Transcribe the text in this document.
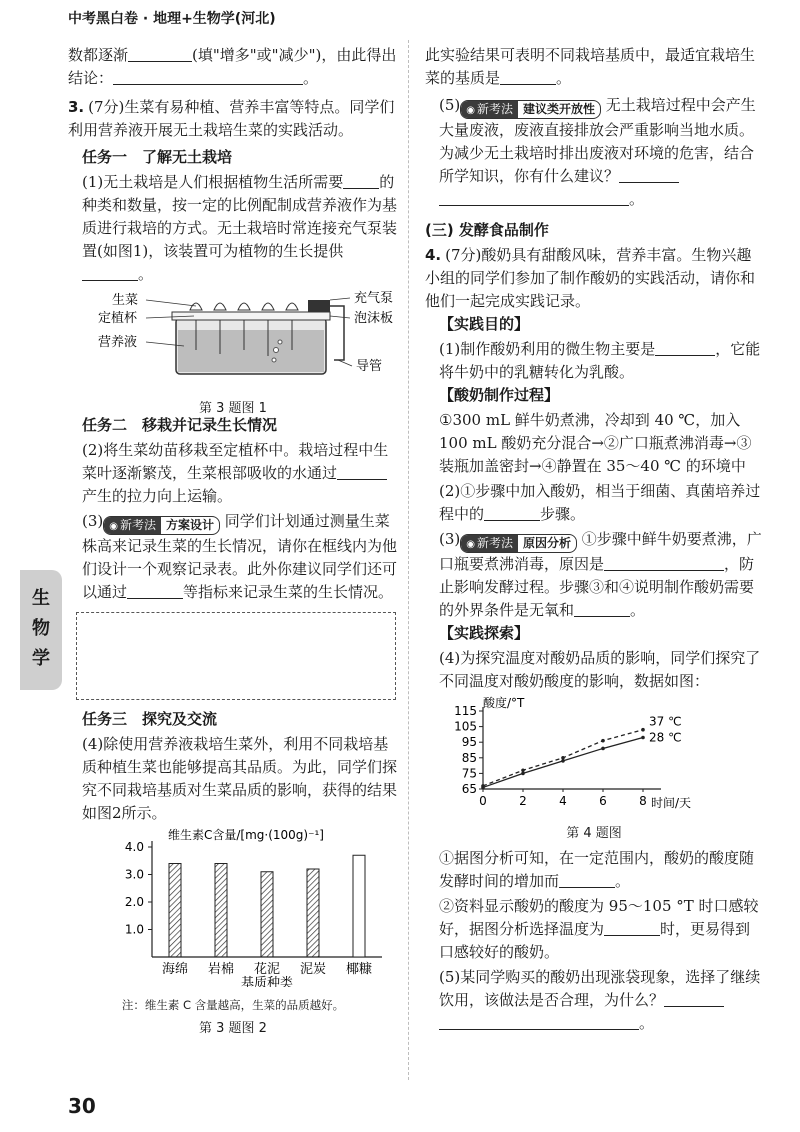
中考黑白卷 · 地理+生物学(河北)
生
物
学
数都逐渐	(填"增多"或"减少")，由此得出结论：	。
3. (7分)生菜有易种植、营养丰富等特点。同学们利用营养液开展无土栽培生菜的实践活动。
任务一　了解无土栽培
(1)无土栽培是人们根据植物生活所需要 的种类和数量，按一定的比例配制成营养液作为基质进行栽培的方式。无土栽培时常连接充气泵装置(如图1)，该装置可为植物的生长提供。
生菜
定植杯
营养液
充气泵
泡沫板
导管
第 3 题图 1
任务二　移栽并记录生长情况
(2)将生菜幼苗移栽至定植杯中。栽培过程中生菜叶逐渐繁茂，生菜根部吸收的水通过产生的拉力向上运输。
(3) ◉ 新考法 方案设计 同学们计划通过测量生菜株高来记录生菜的生长情况，请你在框线内为他们设计一个观察记录表。此外你建议同学们还可以通过	等指标来记录生菜的生长情况。
任务三　探究及交流
(4)除使用营养液栽培生菜外，利用不同栽培基质种植生菜也能够提高其品质。为此，同学们探究不同栽培基质对生菜品质的影响，获得的结果如图2所示。
维生素C含量/[mg·(100g)⁻¹]
4.0
3.0
2.0
1.0
海绵 岩棉 花泥 泥炭 椰糠
基质种类
注：维生素 C 含量越高，生菜的品质越好。
第 3 题图 2
此实验结果可表明不同栽培基质中，最适宜栽培生菜的基质是	。
(5) ◉ 新考法 建议类开放性 无土栽培过程中会产生大量废液，废液直接排放会严重影响当地水质。为减少无土栽培时排出废液对环境的危害，结合所学知识，你有什么建议？。
(三) 发酵食品制作
4. (7分)酸奶具有甜酸风味，营养丰富。生物兴趣小组的同学们参加了制作酸奶的实践活动，请你和他们一起完成实践记录。
【实践目的】
(1)制作酸奶利用的微生物主要是	，它能将牛奶中的乳糖转化为乳酸。
【酸奶制作过程】
①300 mL 鲜牛奶煮沸，冷却到 40 ℃，加入 100 mL 酸奶充分混合→②广口瓶煮沸消毒→③装瓶加盖密封→④静置在 35～40 ℃ 的环境中
(2)①步骤中加入酸奶，相当于细菌、真菌培养过程中的	步骤。
(3) ◉ 新考法 原因分析 ①步骤中鲜牛奶要煮沸，广口瓶要煮沸消毒，原因是	，防止影响发酵过程。步骤③和④说明制作酸奶需要的外界条件是无氧和	。
【实践探索】
(4)为探究温度对酸奶品质的影响，同学们探究了不同温度对酸奶酸度的影响，数据如图：
酸度/°T
时间/天
65
75
85
95
105
115
0	2	4	6	8
37 ℃
28 ℃
第 4 题图
①据图分析可知，在一定范围内，酸奶的酸度随发酵时间的增加而	。
②资料显示酸奶的酸度为 95～105 °T 时口感较好，据图分析选择温度为	时，更易得到口感较好的酸奶。
(5)某同学购买的酸奶出现涨袋现象，选择了继续饮用，该做法是否合理，为什么？。
30
